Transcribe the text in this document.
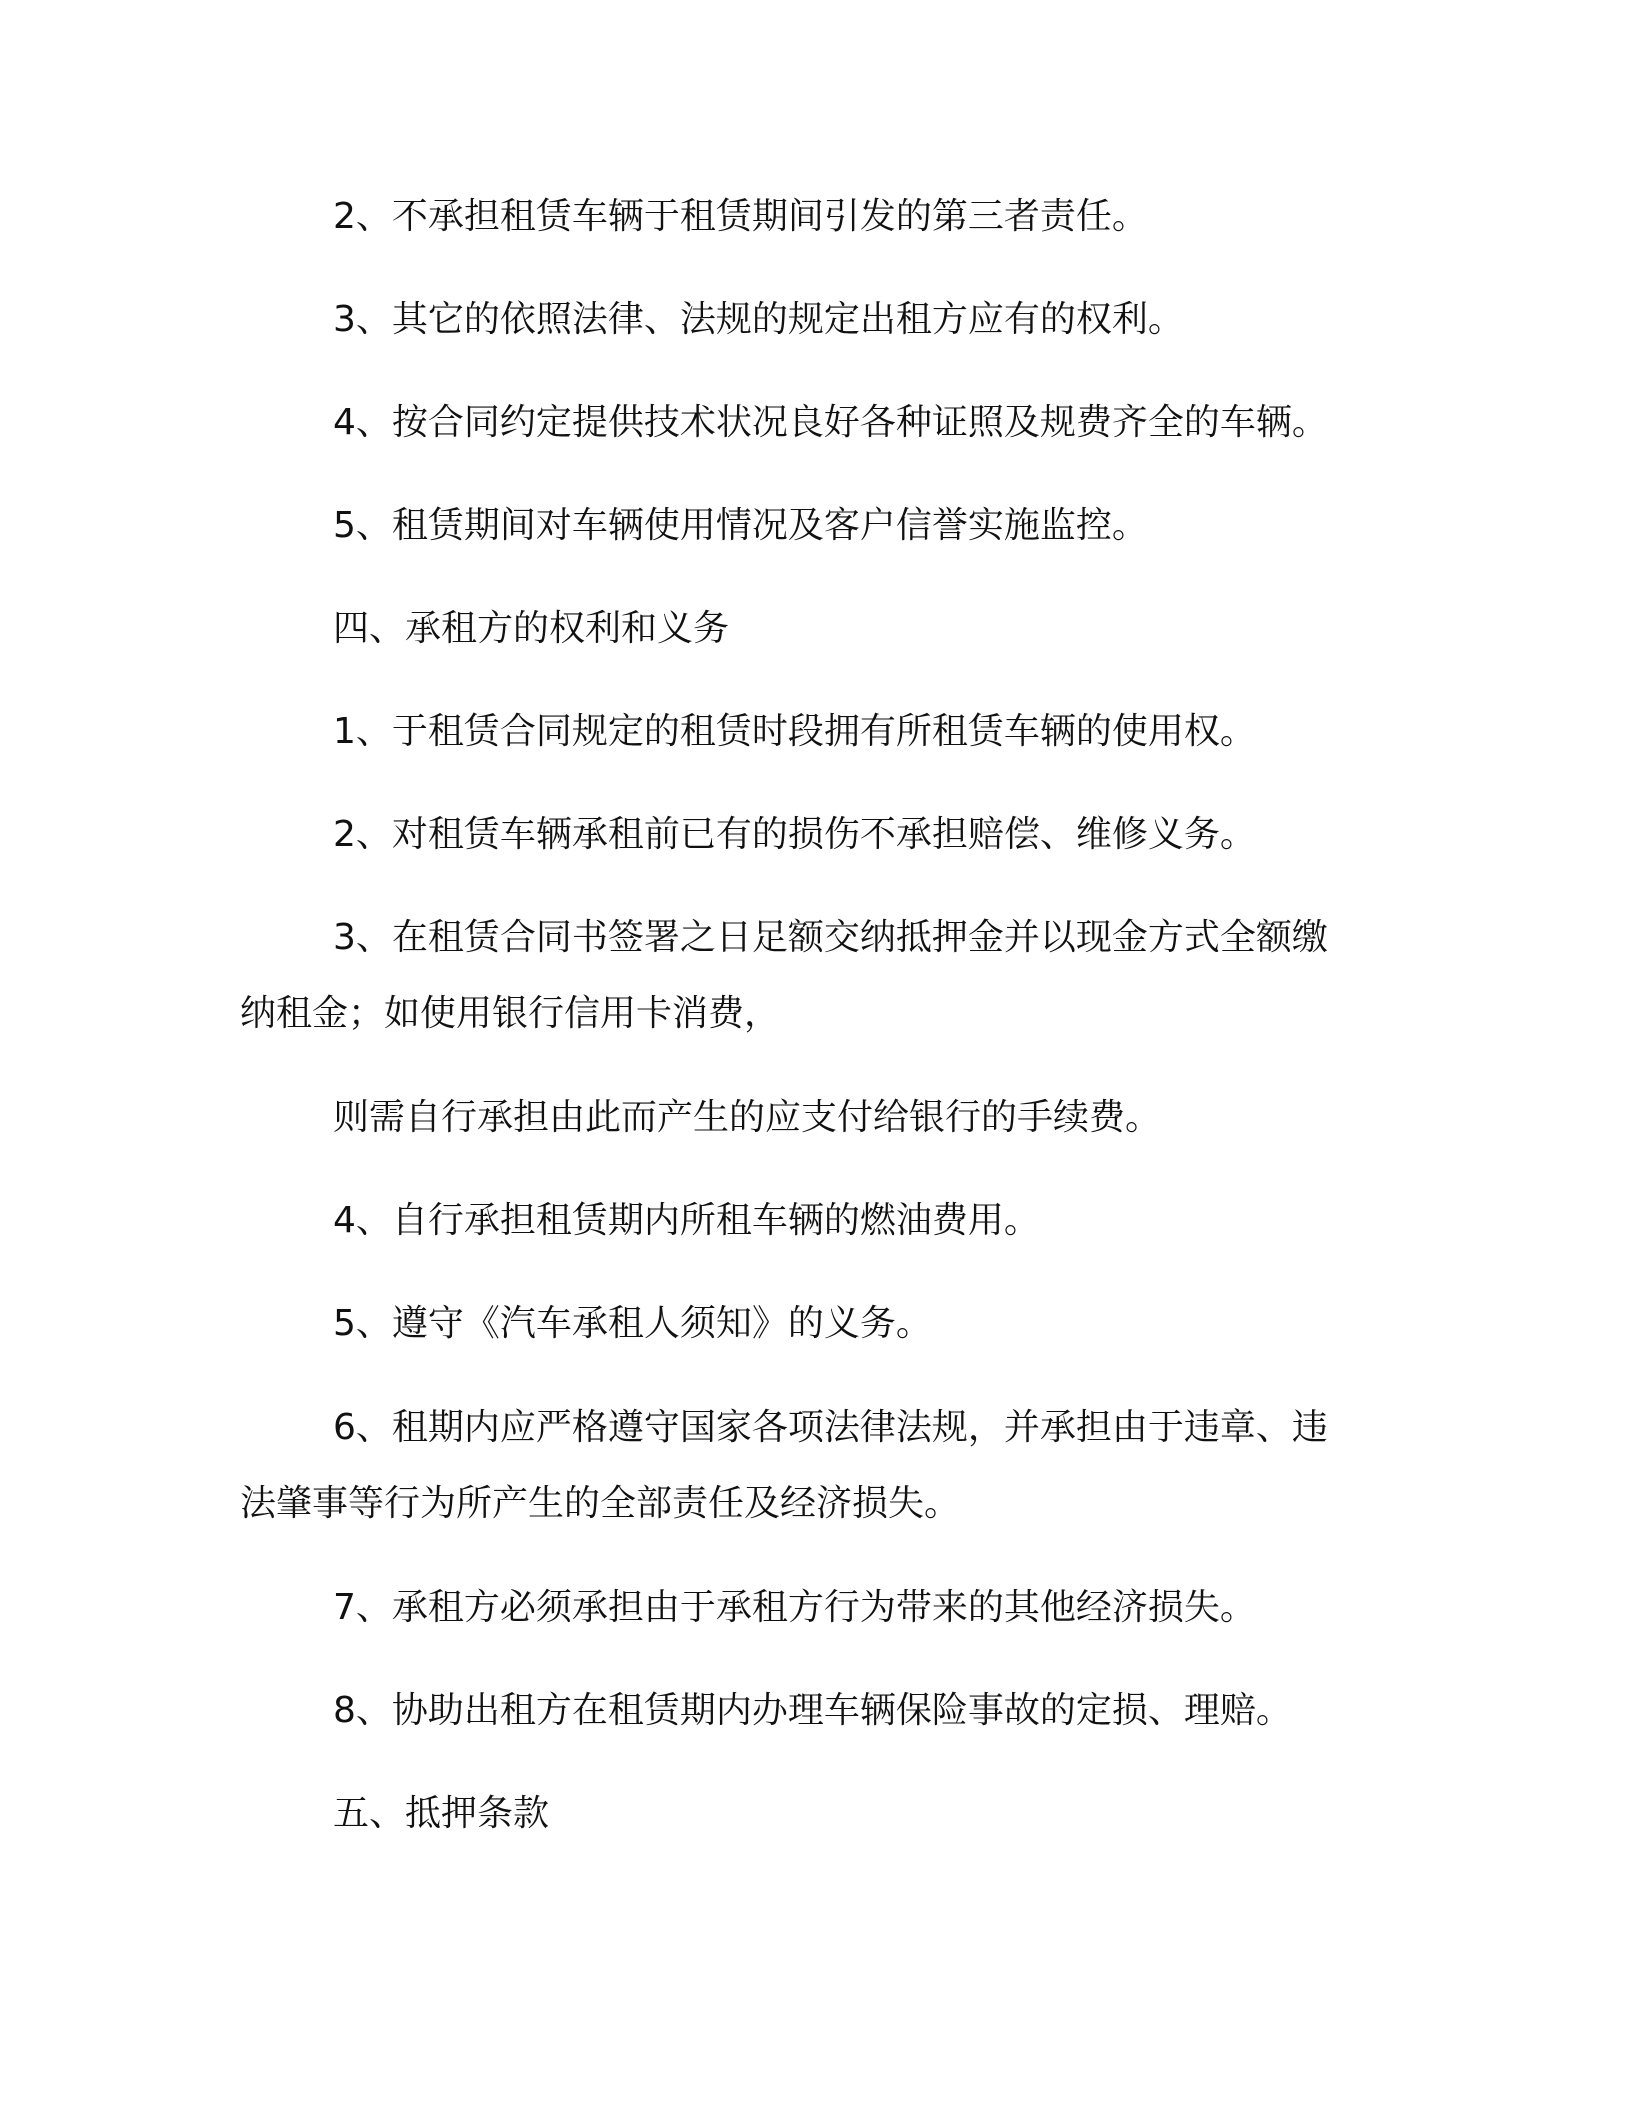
2、不承担租赁车辆于租赁期间引发的第三者责任。
3、其它的依照法律、法规的规定出租方应有的权利。
4、按合同约定提供技术状况良好各种证照及规费齐全的车辆。
5、租赁期间对车辆使用情况及客户信誉实施监控。
四、承租方的权利和义务
1、于租赁合同规定的租赁时段拥有所租赁车辆的使用权。
2、对租赁车辆承租前已有的损伤不承担赔偿、维修义务。
3、在租赁合同书签署之日足额交纳抵押金并以现金方式全额缴
纳租金；如使用银行信用卡消费，
则需自行承担由此而产生的应支付给银行的手续费。
4、自行承担租赁期内所租车辆的燃油费用。
5、遵守《汽车承租人须知》的义务。
6、租期内应严格遵守国家各项法律法规，并承担由于违章、违
法肇事等行为所产生的全部责任及经济损失。
7、承租方必须承担由于承租方行为带来的其他经济损失。
8、协助出租方在租赁期内办理车辆保险事故的定损、理赔。
五、抵押条款
